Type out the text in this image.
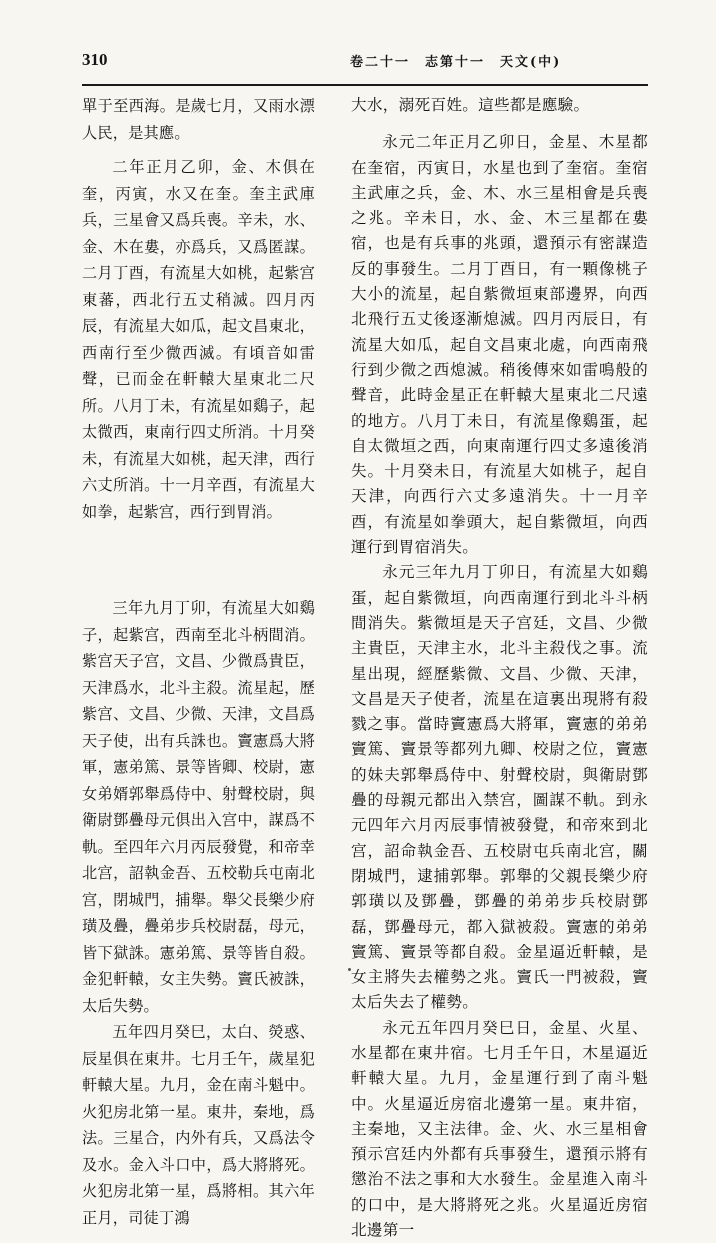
310	卷二十一　志第十一　天文(中)

單于至西海。是歲七月，又雨水漂人民，是其應。

二年正月乙卯，金、木俱在奎，丙寅，水又在奎。奎主武庫兵，三星會又爲兵喪。辛未，水、金、木在婁，亦爲兵，又爲匿謀。二月丁酉，有流星大如桃，起紫宫東蕃，西北行五丈稍滅。四月丙辰，有流星大如瓜，起文昌東北，西南行至少微西滅。有頃音如雷聲，已而金在軒轅大星東北二尺所。八月丁未，有流星如鷄子，起太微西，東南行四丈所消。十月癸未，有流星大如桃，起天津，西行六丈所消。十一月辛酉，有流星大如拳，起紫宫，西行到胃消。

三年九月丁卯，有流星大如鷄子，起紫宫，西南至北斗柄間消。紫宫天子宫，文昌、少微爲貴臣，天津爲水，北斗主殺。流星起，歷紫宫、文昌、少微、天津，文昌爲天子使，出有兵誅也。竇憲爲大將軍，憲弟篤、景等皆卿、校尉，憲女弟婿郭舉爲侍中、射聲校尉，與衛尉鄧疊母元俱出入宫中，謀爲不軌。至四年六月丙辰發覺，和帝幸北宫，詔執金吾、五校勒兵屯南北宫，閉城門，捕舉。舉父長樂少府璜及疊，疊弟步兵校尉磊，母元，皆下獄誅。憲弟篤、景等皆自殺。金犯軒轅，女主失勢。竇氏被誅，太后失勢。

五年四月癸巳，太白、熒惑、辰星俱在東井。七月壬午，歲星犯軒轅大星。九月，金在南斗魁中。火犯房北第一星。東井，秦地，爲法。三星合，内外有兵，又爲法令及水。金入斗口中，爲大將將死。火犯房北第一星，爲將相。其六年正月，司徒丁鴻

大水，溺死百姓。這些都是應驗。

永元二年正月乙卯日，金星、木星都在奎宿，丙寅日，水星也到了奎宿。奎宿主武庫之兵，金、木、水三星相會是兵喪之兆。辛未日，水、金、木三星都在婁宿，也是有兵事的兆頭，還預示有密謀造反的事發生。二月丁酉日，有一顆像桃子大小的流星，起自紫微垣東部邊界，向西北飛行五丈後逐漸熄滅。四月丙辰日，有流星大如瓜，起自文昌東北處，向西南飛行到少微之西熄滅。稍後傳來如雷鳴般的聲音，此時金星正在軒轅大星東北二尺遠的地方。八月丁未日，有流星像鷄蛋，起自太微垣之西，向東南運行四丈多遠後消失。十月癸未日，有流星大如桃子，起自天津，向西行六丈多遠消失。十一月辛酉，有流星如拳頭大，起自紫微垣，向西運行到胃宿消失。

永元三年九月丁卯日，有流星大如鷄蛋，起自紫微垣，向西南運行到北斗斗柄間消失。紫微垣是天子宫廷，文昌、少微主貴臣，天津主水，北斗主殺伐之事。流星出現，經歷紫微、文昌、少微、天津，文昌是天子使者，流星在這裏出現將有殺戮之事。當時竇憲爲大將軍，竇憲的弟弟竇篤、竇景等都列九卿、校尉之位，竇憲的妹夫郭舉爲侍中、射聲校尉，與衛尉鄧疊的母親元都出入禁宫，圖謀不軌。到永元四年六月丙辰事情被發覺，和帝來到北宫，詔命執金吾、五校尉屯兵南北宫，關閉城門，逮捕郭舉。郭舉的父親長樂少府郭璜以及鄧疊，鄧疊的弟弟步兵校尉鄧磊，鄧疊母元，都入獄被殺。竇憲的弟弟竇篤、竇景等都自殺。金星逼近軒轅，是女主將失去權勢之兆。竇氏一門被殺，竇太后失去了權勢。

永元五年四月癸巳日，金星、火星、水星都在東井宿。七月壬午日，木星逼近軒轅大星。九月，金星運行到了南斗魁中。火星逼近房宿北邊第一星。東井宿，主秦地，又主法律。金、火、水三星相會預示宫廷内外都有兵事發生，還預示將有懲治不法之事和大水發生。金星進入南斗的口中，是大將將死之兆。火星逼近房宿北邊第一
